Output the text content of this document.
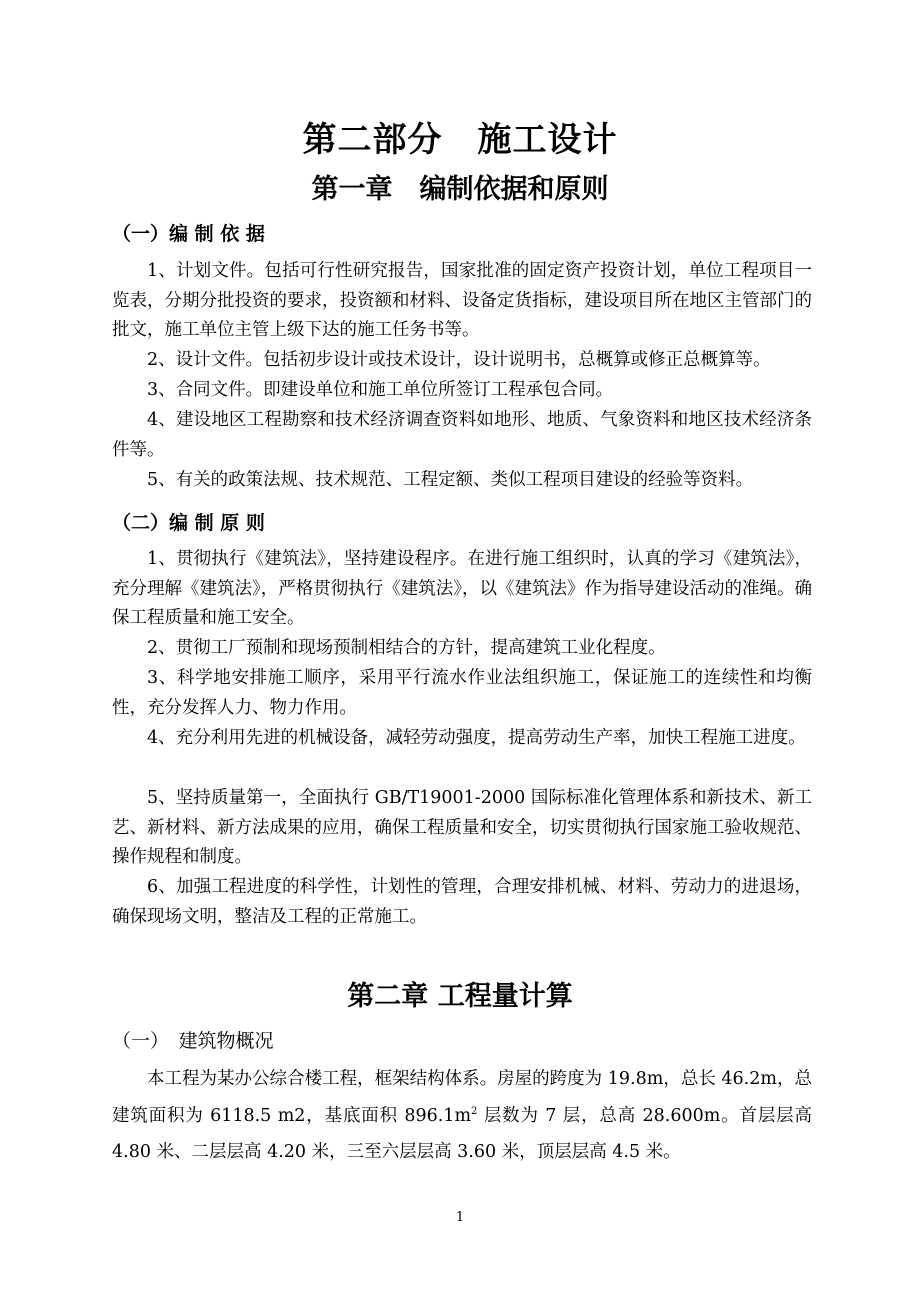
第二部分　施工设计
第一章　编制依据和原则
（一）编 制 依 据

1、计划文件。包括可行性研究报告，国家批准的固定资产投资计划，单位工程项目一览表，分期分批投资的要求，投资额和材料、设备定货指标，建设项目所在地区主管部门的批文，施工单位主管上级下达的施工任务书等。

2、设计文件。包括初步设计或技术设计，设计说明书，总概算或修正总概算等。

3、合同文件。即建设单位和施工单位所签订工程承包合同。

4、建设地区工程勘察和技术经济调查资料如地形、地质、气象资料和地区技术经济条件等。

5、有关的政策法规、技术规范、工程定额、类似工程项目建设的经验等资料。

（二）编 制 原 则

1、贯彻执行《建筑法》，坚持建设程序。在进行施工组织时，认真的学习《建筑法》，充分理解《建筑法》，严格贯彻执行《建筑法》，以《建筑法》作为指导建设活动的准绳。确保工程质量和施工安全。

2、贯彻工厂预制和现场预制相结合的方针，提高建筑工业化程度。

3、科学地安排施工顺序，采用平行流水作业法组织施工，保证施工的连续性和均衡性，充分发挥人力、物力作用。

4、充分利用先进的机械设备，减轻劳动强度，提高劳动生产率，加快工程施工进度。

5、坚持质量第一，全面执行 GB/T19001-2000 国际标准化管理体系和新技术、新工艺、新材料、新方法成果的应用，确保工程质量和安全，切实贯彻执行国家施工验收规范、操作规程和制度。

6、加强工程进度的科学性，计划性的管理，合理安排机械、材料、劳动力的进退场，确保现场文明，整洁及工程的正常施工。

第二章 工程量计算
（一）　建筑物概况

本工程为某办公综合楼工程，框架结构体系。房屋的跨度为 19.8m，总长 46.2m，总建筑面积为 6118.5 m2，基底面积 $896.1m^2$ 层数为 7 层，总高 28.600m。首层层高 4.80 米、二层层高 4.20 米，三至六层层高 3.60 米，顶层层高 4.5 米。

1
